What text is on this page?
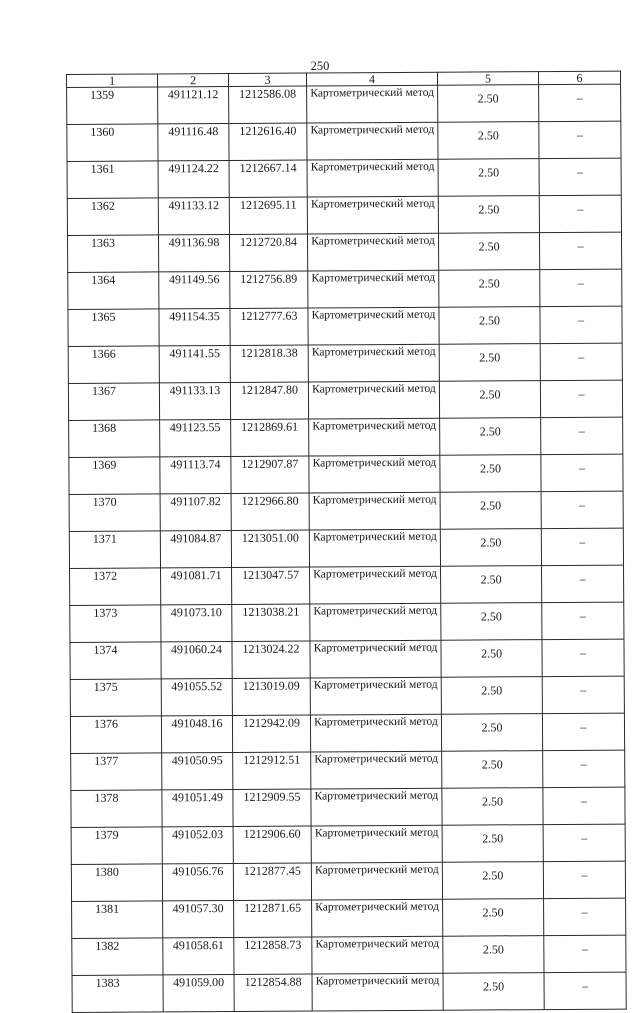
250
1	2	3	4	5	6
1359	491121.12	1212586.08	Картометрический метод	2.50	–
1360	491116.48	1212616.40	Картометрический метод	2.50	–
1361	491124.22	1212667.14	Картометрический метод	2.50	–
1362	491133.12	1212695.11	Картометрический метод	2.50	–
1363	491136.98	1212720.84	Картометрический метод	2.50	–
1364	491149.56	1212756.89	Картометрический метод	2.50	–
1365	491154.35	1212777.63	Картометрический метод	2.50	–
1366	491141.55	1212818.38	Картометрический метод	2.50	–
1367	491133.13	1212847.80	Картометрический метод	2.50	–
1368	491123.55	1212869.61	Картометрический метод	2.50	–
1369	491113.74	1212907.87	Картометрический метод	2.50	–
1370	491107.82	1212966.80	Картометрический метод	2.50	–
1371	491084.87	1213051.00	Картометрический метод	2.50	–
1372	491081.71	1213047.57	Картометрический метод	2.50	–
1373	491073.10	1213038.21	Картометрический метод	2.50	–
1374	491060.24	1213024.22	Картометрический метод	2.50	–
1375	491055.52	1213019.09	Картометрический метод	2.50	–
1376	491048.16	1212942.09	Картометрический метод	2.50	–
1377	491050.95	1212912.51	Картометрический метод	2.50	–
1378	491051.49	1212909.55	Картометрический метод	2.50	–
1379	491052.03	1212906.60	Картометрический метод	2.50	–
1380	491056.76	1212877.45	Картометрический метод	2.50	–
1381	491057.30	1212871.65	Картометрический метод	2.50	–
1382	491058.61	1212858.73	Картометрический метод	2.50	–
1383	491059.00	1212854.88	Картометрический метод	2.50	–
